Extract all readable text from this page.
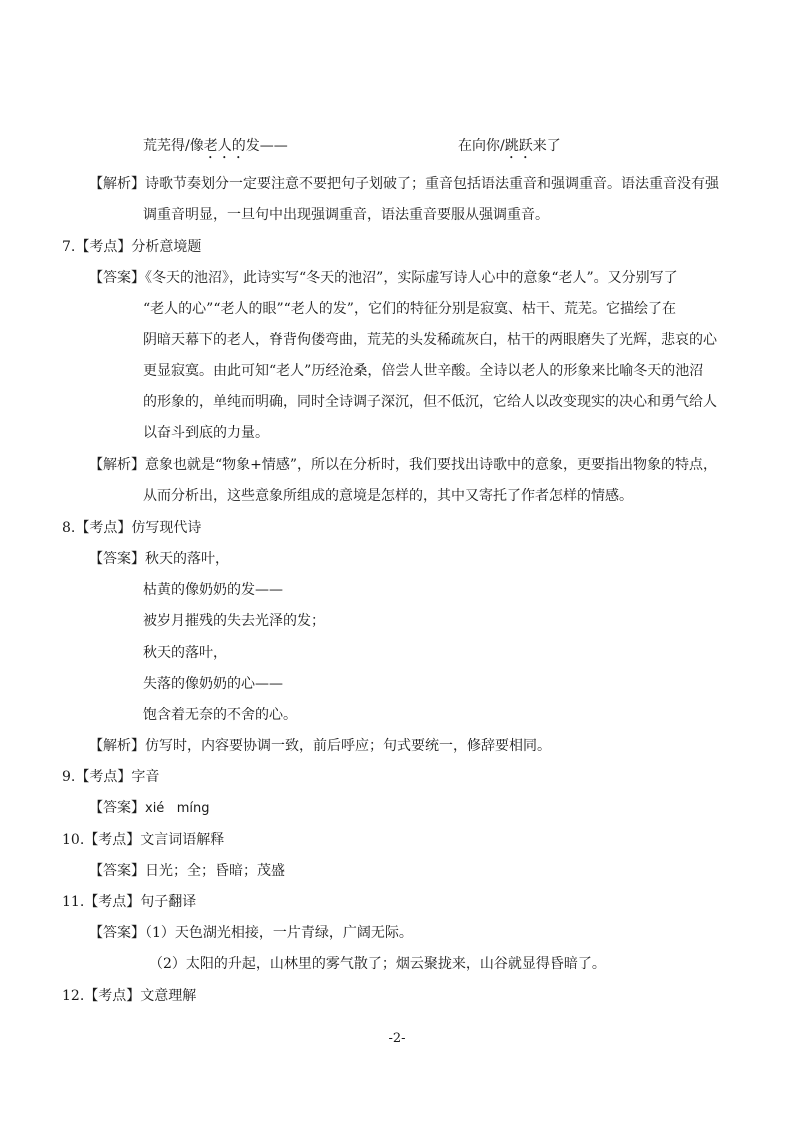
荒芜得/像老人的发——	在向你/跳跃来了
【解析】诗歌节奏划分一定要注意不要把句子划破了；重音包括语法重音和强调重音。语法重音没有强
调重音明显，一旦句中出现强调重音，语法重音要服从强调重音。
7.【考点】分析意境题
【答案】《冬天的池沼》，此诗实写“冬天的池沼”，实际虚写诗人心中的意象“老人”。又分别写了
“老人的心”“老人的眼”“老人的发”，它们的特征分别是寂寞、枯干、荒芜。它描绘了在
阴暗天幕下的老人，脊背佝偻弯曲，荒芜的头发稀疏灰白，枯干的两眼磨失了光辉，悲哀的心
更显寂寞。由此可知“老人”历经沧桑，倍尝人世辛酸。全诗以老人的形象来比喻冬天的池沼
的形象的，单纯而明确，同时全诗调子深沉，但不低沉，它给人以改变现实的决心和勇气给人
以奋斗到底的力量。
【解析】意象也就是“物象+情感”，所以在分析时，我们要找出诗歌中的意象，更要指出物象的特点，
从而分析出，这些意象所组成的意境是怎样的，其中又寄托了作者怎样的情感。
8.【考点】仿写现代诗
【答案】秋天的落叶，
枯黄的像奶奶的发——
被岁月摧残的失去光泽的发；
秋天的落叶，
失落的像奶奶的心——
饱含着无奈的不舍的心。
【解析】仿写时，内容要协调一致，前后呼应；句式要统一，修辞要相同。
9.【考点】字音
【答案】xié   míng
10.【考点】文言词语解释
【答案】日光；全；昏暗；茂盛
11.【考点】句子翻译
【答案】（1）天色湖光相接，一片青绿，广阔无际。
（2）太阳的升起，山林里的雾气散了；烟云聚拢来，山谷就显得昏暗了。
12.【考点】文意理解
-2-
